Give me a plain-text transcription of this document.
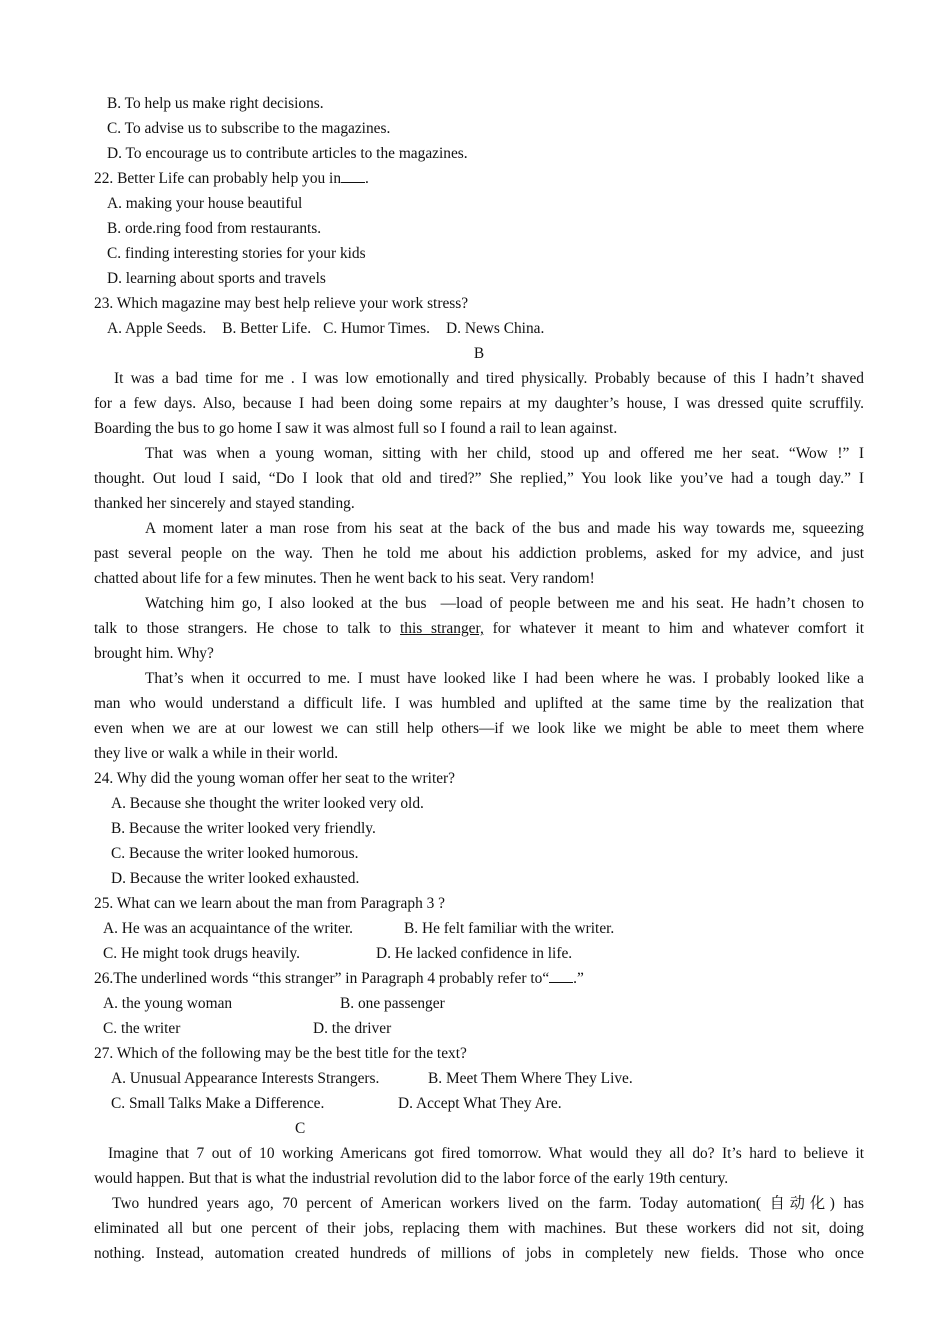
B. To help us make right decisions.
C. To advise us to subscribe to the magazines.
D. To encourage us to contribute articles to the magazines.
22. Better Life can probably help you in .
A. making your house beautiful
B. orde.ring food from restaurants.
C. finding interesting stories for your kids
D. learning about sports and travels
23. Which magazine may best help relieve your work stress?
A. Apple Seeds. B. Better Life. C. Humor Times. D. News China.
B
It was a bad time for me . I was low emotionally and tired physically. Probably because of this I hadn’t shaved
for a few days. Also, because I had been doing some repairs at my daughter’s house, I was dressed quite scruffily.
Boarding the bus to go home I saw it was almost full so I found a rail to lean against.
That was when a young woman, sitting with her child, stood up and offered me her seat. “Wow !” I
thought. Out loud I said, “Do I look that old and tired?” She replied,” You look like you’ve had a tough day.” I
thanked her sincerely and stayed standing.
A moment later a man rose from his seat at the back of the bus and made his way towards me, squeezing
past several people on the way. Then he told me about his addiction problems, asked for my advice, and just
chatted about life for a few minutes. Then he went back to his seat. Very random!
Watching him go, I also looked at the bus  —load of people between me and his seat. He hadn’t chosen to
talk to those strangers. He chose to talk to this stranger, for whatever it meant to him and whatever comfort it
brought him. Why?
That’s when it occurred to me. I must have looked like I had been where he was. I probably looked like a
man who would understand a difficult life. I was humbled and uplifted at the same time by the realization that
even when we are at our lowest we can still help others—if we look like we might be able to meet them where
they live or walk a while in their world.
24. Why did the young woman offer her seat to the writer?
A. Because she thought the writer looked very old.
B. Because the writer looked very friendly.
C. Because the writer looked humorous.
D. Because the writer looked exhausted.
25. What can we learn about the man from Paragraph 3 ?
A. He was an acquaintance of the writer.	B. He felt familiar with the writer.
C. He might took drugs heavily.	D. He lacked confidence in life.
26.The underlined words “this stranger” in Paragraph 4 probably refer to“ .”
A. the young woman	B. one passenger
C. the writer	D. the driver
27. Which of the following may be the best title for the text?
A. Unusual Appearance Interests Strangers.	B. Meet Them Where They Live.
C. Small Talks Make a Difference.	D. Accept What They Are.
C
Imagine that 7 out of 10 working Americans got fired tomorrow. What would they all do? It’s hard to believe it
would happen. But that is what the industrial revolution did to the labor force of the early 19th century.
Two hundred years ago, 70 percent of American workers lived on the farm. Today automation( 自动化) has
eliminated all but one percent of their jobs, replacing them with machines. But these workers did not sit, doing
nothing. Instead, automation created hundreds of millions of jobs in completely new fields. Those who once
